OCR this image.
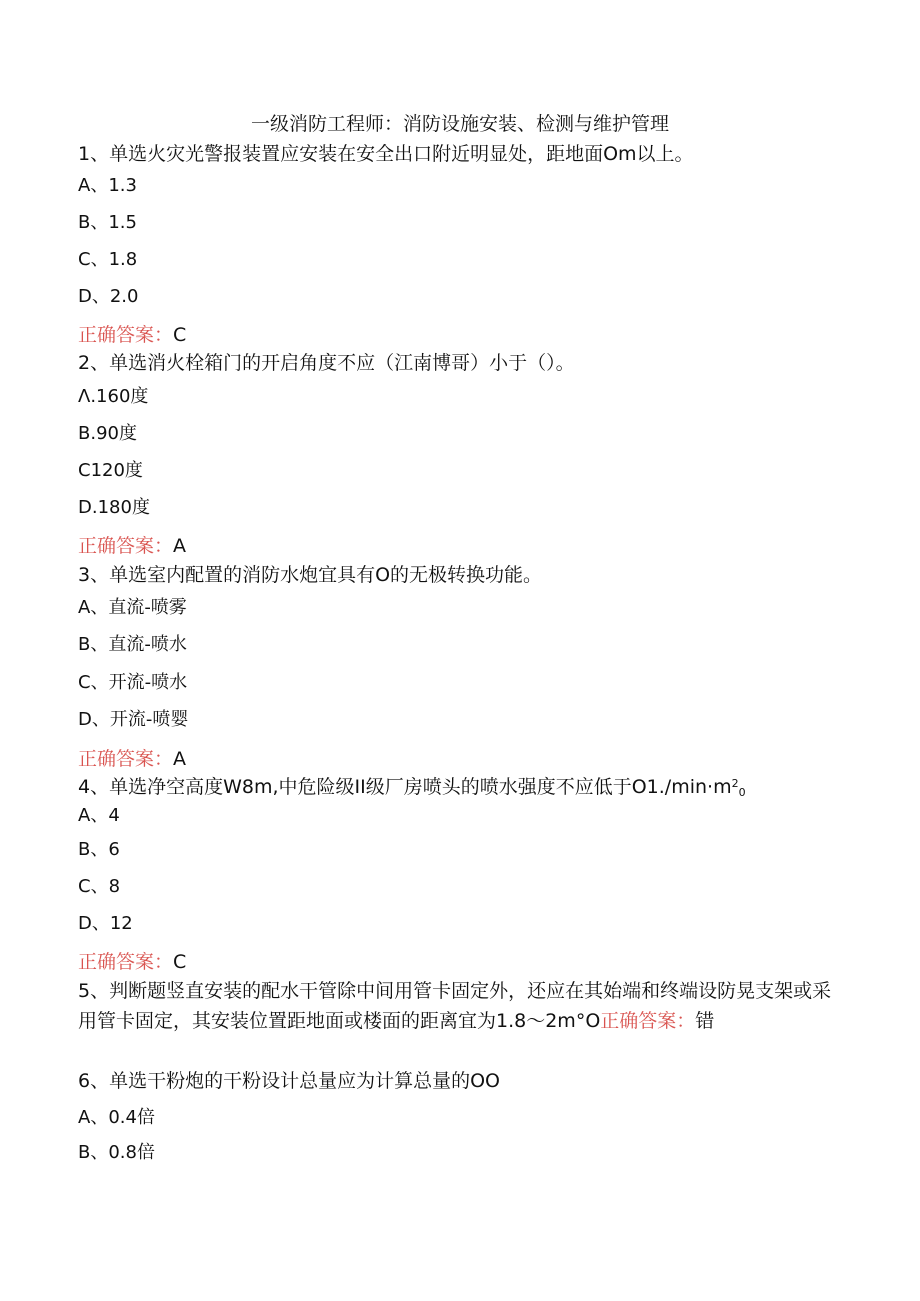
一级消防工程师：消防设施安装、检测与维护管理
1、单选火灾光警报装置应安装在安全出口附近明显处，距地面Om以上。
A、1.3
B、1.5
C、1.8
D、2.0
正确答案：C
2、单选消火栓箱门的开启角度不应（江南博哥）小于（）。
Λ.160度
B.90度
C120度
D.180度
正确答案：A
3、单选室内配置的消防水炮宜具有O的无极转换功能。
A、直流-喷雾
B、直流-喷水
C、开流-喷水
D、开流-喷婴
正确答案：A
4、单选净空高度W8m,中危险级II级厂房喷头的喷水强度不应低于$O1./\min\cdot m^20$
A、4
B、6
C、8
D、12
正确答案：C
5、判断题竖直安装的配水干管除中间用管卡固定外，还应在其始端和终端设防晃支架或采用管卡固定，其安装位置距地面或楼面的距离宜为1.8～2m°O正确答案：错
6、单选干粉炮的干粉设计总量应为计算总量的OO
A、0.4倍
B、0.8倍
